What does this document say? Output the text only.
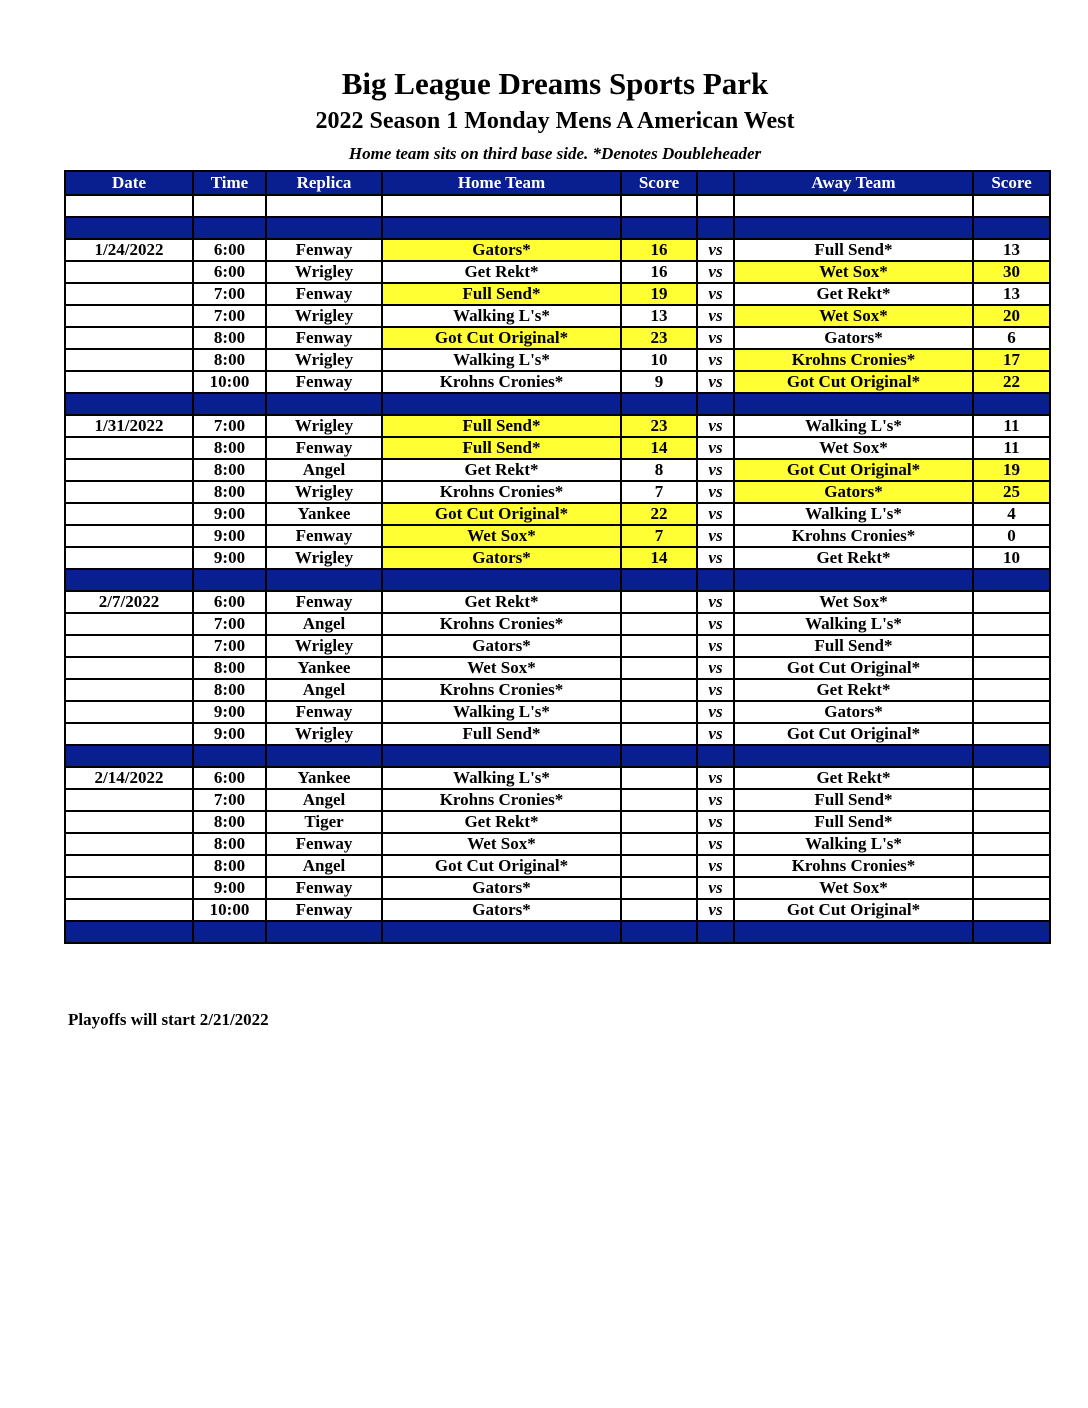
Big League Dreams Sports Park
2022 Season 1 Monday Mens A American West
Home team sits on third base side. *Denotes Doubleheader
Date	Time	Replica	Home Team	Score		Away Team	Score

1/24/2022	6:00	Fenway	Gators*	16	vs	Full Send*	13
	6:00	Wrigley	Get Rekt*	16	vs	Wet Sox*	30
	7:00	Fenway	Full Send*	19	vs	Get Rekt*	13
	7:00	Wrigley	Walking L's*	13	vs	Wet Sox*	20
	8:00	Fenway	Got Cut Original*	23	vs	Gators*	6
	8:00	Wrigley	Walking L's*	10	vs	Krohns Cronies*	17
	10:00	Fenway	Krohns Cronies*	9	vs	Got Cut Original*	22

1/31/2022	7:00	Wrigley	Full Send*	23	vs	Walking L's*	11
	8:00	Fenway	Full Send*	14	vs	Wet Sox*	11
	8:00	Angel	Get Rekt*	8	vs	Got Cut Original*	19
	8:00	Wrigley	Krohns Cronies*	7	vs	Gators*	25
	9:00	Yankee	Got Cut Original*	22	vs	Walking L's*	4
	9:00	Fenway	Wet Sox*	7	vs	Krohns Cronies*	0
	9:00	Wrigley	Gators*	14	vs	Get Rekt*	10

2/7/2022	6:00	Fenway	Get Rekt*		vs	Wet Sox*	
	7:00	Angel	Krohns Cronies*		vs	Walking L's*	
	7:00	Wrigley	Gators*		vs	Full Send*	
	8:00	Yankee	Wet Sox*		vs	Got Cut Original*	
	8:00	Angel	Krohns Cronies*		vs	Get Rekt*	
	9:00	Fenway	Walking L's*		vs	Gators*	
	9:00	Wrigley	Full Send*		vs	Got Cut Original*	

2/14/2022	6:00	Yankee	Walking L's*		vs	Get Rekt*	
	7:00	Angel	Krohns Cronies*		vs	Full Send*	
	8:00	Tiger	Get Rekt*		vs	Full Send*	
	8:00	Fenway	Wet Sox*		vs	Walking L's*	
	8:00	Angel	Got Cut Original*		vs	Krohns Cronies*	
	9:00	Fenway	Gators*		vs	Wet Sox*	
	10:00	Fenway	Gators*		vs	Got Cut Original*	

Playoffs will start 2/21/2022
